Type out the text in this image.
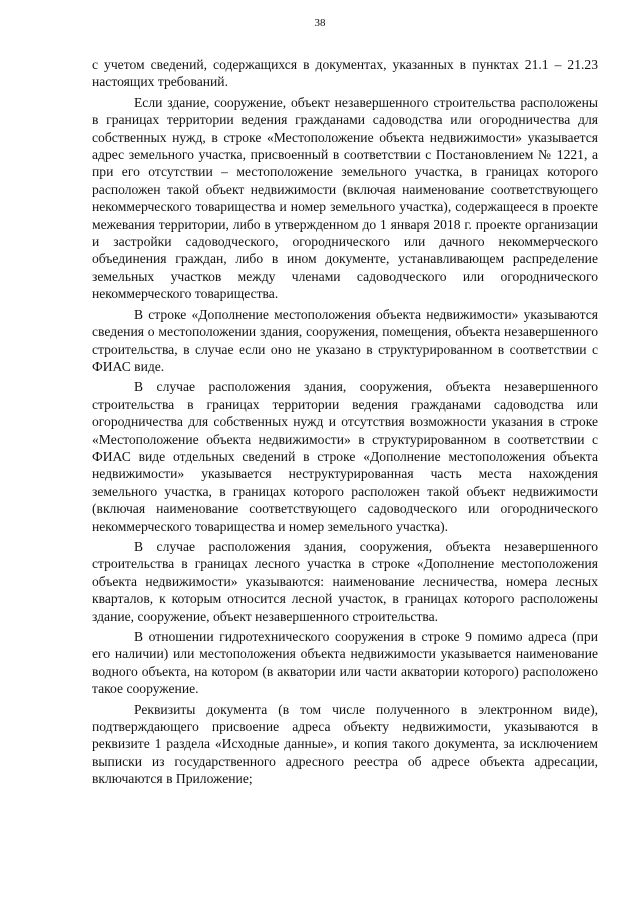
38

с учетом сведений, содержащихся в документах, указанных в пунктах 21.1 – 21.23 настоящих требований.

Если здание, сооружение, объект незавершенного строительства расположены в границах территории ведения гражданами садоводства или огородничества для собственных нужд, в строке «Местоположение объекта недвижимости» указывается адрес земельного участка, присвоенный в соответствии с Постановлением № 1221, а при его отсутствии – местоположение земельного участка, в границах которого расположен такой объект недвижимости (включая наименование соответствующего некоммерческого товарищества и номер земельного участка), содержащееся в проекте межевания территории, либо в утвержденном до 1 января 2018 г. проекте организации и застройки садоводческого, огороднического или дачного некоммерческого объединения граждан, либо в ином документе, устанавливающем распределение земельных участков между членами садоводческого или огороднического некоммерческого товарищества.

В строке «Дополнение местоположения объекта недвижимости» указываются сведения о местоположении здания, сооружения, помещения, объекта незавершенного строительства, в случае если оно не указано в структурированном в соответствии с ФИАС виде.

В случае расположения здания, сооружения, объекта незавершенного строительства в границах территории ведения гражданами садоводства или огородничества для собственных нужд и отсутствия возможности указания в строке «Местоположение объекта недвижимости» в структурированном в соответствии с ФИАС виде отдельных сведений в строке «Дополнение местоположения объекта недвижимости» указывается неструктурированная часть места нахождения земельного участка, в границах которого расположен такой объект недвижимости (включая наименование соответствующего садоводческого или огороднического некоммерческого товарищества и номер земельного участка).

В случае расположения здания, сооружения, объекта незавершенного строительства в границах лесного участка в строке «Дополнение местоположения объекта недвижимости» указываются: наименование лесничества, номера лесных кварталов, к которым относится лесной участок, в границах которого расположены здание, сооружение, объект незавершенного строительства.

В отношении гидротехнического сооружения в строке 9 помимо адреса (при его наличии) или местоположения объекта недвижимости указывается наименование водного объекта, на котором (в акватории или части акватории которого) расположено такое сооружение.

Реквизиты документа (в том числе полученного в электронном виде), подтверждающего присвоение адреса объекту недвижимости, указываются в реквизите 1 раздела «Исходные данные», и копия такого документа, за исключением выписки из государственного адресного реестра об адресе объекта адресации, включаются в Приложение;
